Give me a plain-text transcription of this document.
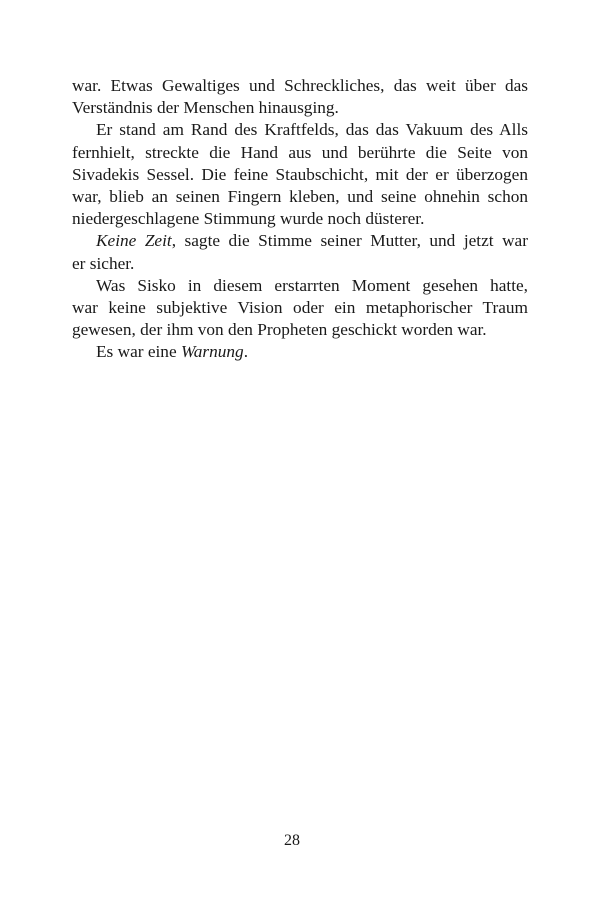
war. Etwas Gewaltiges und Schreckliches, das weit über das
Verständnis der Menschen hinausging.
Er stand am Rand des Kraftfelds, das das Vakuum des Alls
fernhielt, streckte die Hand aus und berührte die Seite von
Sivadekis Sessel. Die feine Staubschicht, mit der er überzogen
war, blieb an seinen Fingern kleben, und seine ohnehin schon
niedergeschlagene Stimmung wurde noch düsterer.
Keine Zeit, sagte die Stimme seiner Mutter, und jetzt war
er sicher.
Was Sisko in diesem erstarrten Moment gesehen hatte,
war keine subjektive Vision oder ein metaphorischer Traum
gewesen, der ihm von den Propheten geschickt worden war.
Es war eine Warnung.
28
